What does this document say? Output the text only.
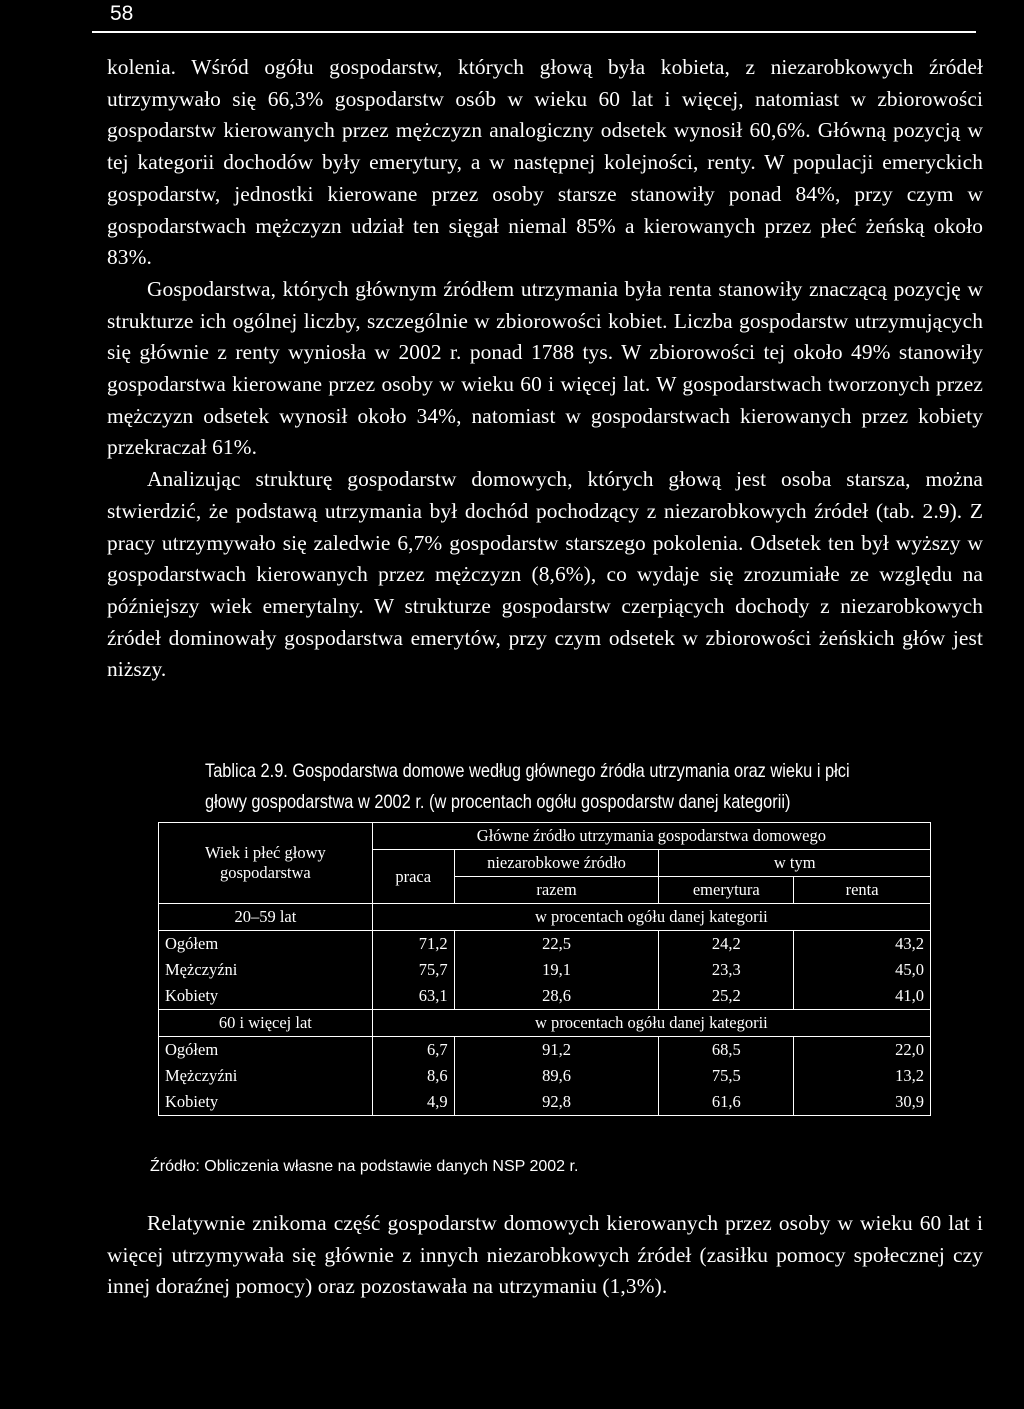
58

kolenia. Wśród ogółu gospodarstw, których głową była kobieta, z niezarobkowych źródeł utrzymywało się 66,3% gospodarstw osób w wieku 60 lat i więcej, natomiast w zbiorowości gospodarstw kierowanych przez mężczyzn analogiczny odsetek wynosił 60,6%. Główną pozycją w tej kategorii dochodów były emerytury, a w następnej kolejności, renty. W populacji emeryckich gospodarstw, jednostki kierowane przez osoby starsze stanowiły ponad 84%, przy czym w gospodarstwach mężczyzn udział ten sięgał niemal 85% a kierowanych przez płeć żeńską około 83%.

Gospodarstwa, których głównym źródłem utrzymania była renta stanowiły znaczącą pozycję w strukturze ich ogólnej liczby, szczególnie w zbiorowości kobiet. Liczba gospodarstw utrzymujących się głównie z renty wyniosła w 2002 r. ponad 1788 tys. W zbiorowości tej około 49% stanowiły gospodarstwa kierowane przez osoby w wieku 60 i więcej lat. W gospodarstwach tworzonych przez mężczyzn odsetek wynosił około 34%, natomiast w gospodarstwach kierowanych przez kobiety przekraczał 61%.

Analizując strukturę gospodarstw domowych, których głową jest osoba starsza, można stwierdzić, że podstawą utrzymania był dochód pochodzący z niezarobkowych źródeł (tab. 2.9). Z pracy utrzymywało się zaledwie 6,7% gospodarstw starszego pokolenia. Odsetek ten był wyższy w gospodarstwach kierowanych przez mężczyzn (8,6%), co wydaje się zrozumiałe ze względu na późniejszy wiek emerytalny. W strukturze gospodarstw czerpiących dochody z niezarobkowych źródeł dominowały gospodarstwa emerytów, przy czym odsetek w zbiorowości żeńskich głów jest niższy.

Tablica 2.9. Gospodarstwa domowe według głównego źródła utrzymania oraz wieku i płci
głowy gospodarstwa w 2002 r. (w procentach ogółu gospodarstw danej kategorii)
Wiek i płeć głowy gospodarstwa	Główne źródło utrzymania gospodarstwa domowego			
	praca	niezarobkowe źródło	w tym	
		razem	emerytura	renta
20–59 lat	w procentach ogółu danej kategorii			
Ogółem	71,2	22,5	24,2	43,2
Mężczyźni	75,7	19,1	23,3	45,0
Kobiety	63,1	28,6	25,2	41,0
60 i więcej lat	w procentach ogółu danej kategorii			
Ogółem	6,7	91,2	68,5	22,0
Mężczyźni	8,6	89,6	75,5	13,2
Kobiety	4,9	92,8	61,6	30,9
Źródło: Obliczenia własne na podstawie danych NSP 2002 r.

Relatywnie znikoma część gospodarstw domowych kierowanych przez osoby w wieku 60 lat i więcej utrzymywała się głównie z innych niezarobkowych źródeł (zasiłku pomocy społecznej czy innej doraźnej pomocy) oraz pozostawała na utrzymaniu (1,3%).
